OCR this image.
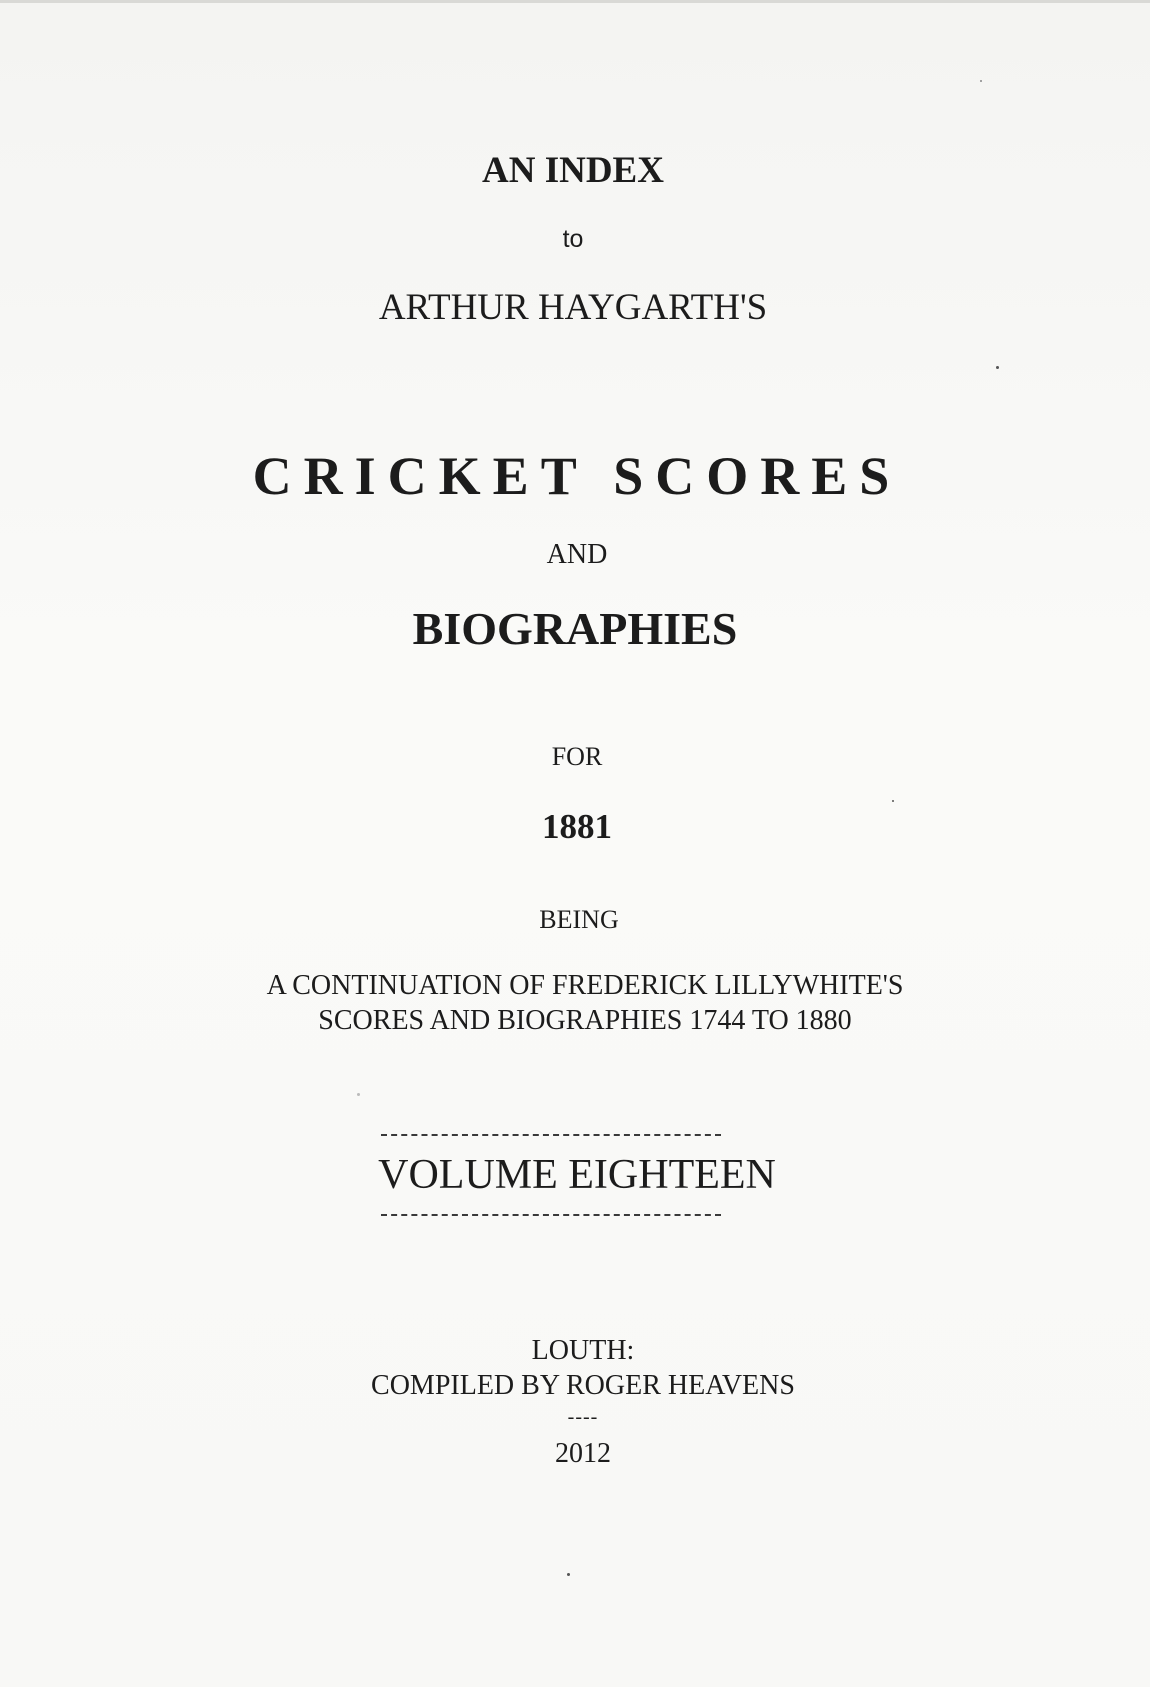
AN INDEX
to
ARTHUR HAYGARTH'S
CRICKET SCORES
AND
BIOGRAPHIES
FOR
1881
BEING
A CONTINUATION OF FREDERICK LILLYWHITE'S
SCORES AND BIOGRAPHIES 1744 TO 1880
VOLUME EIGHTEEN
LOUTH:
COMPILED BY ROGER HEAVENS
----
2012
